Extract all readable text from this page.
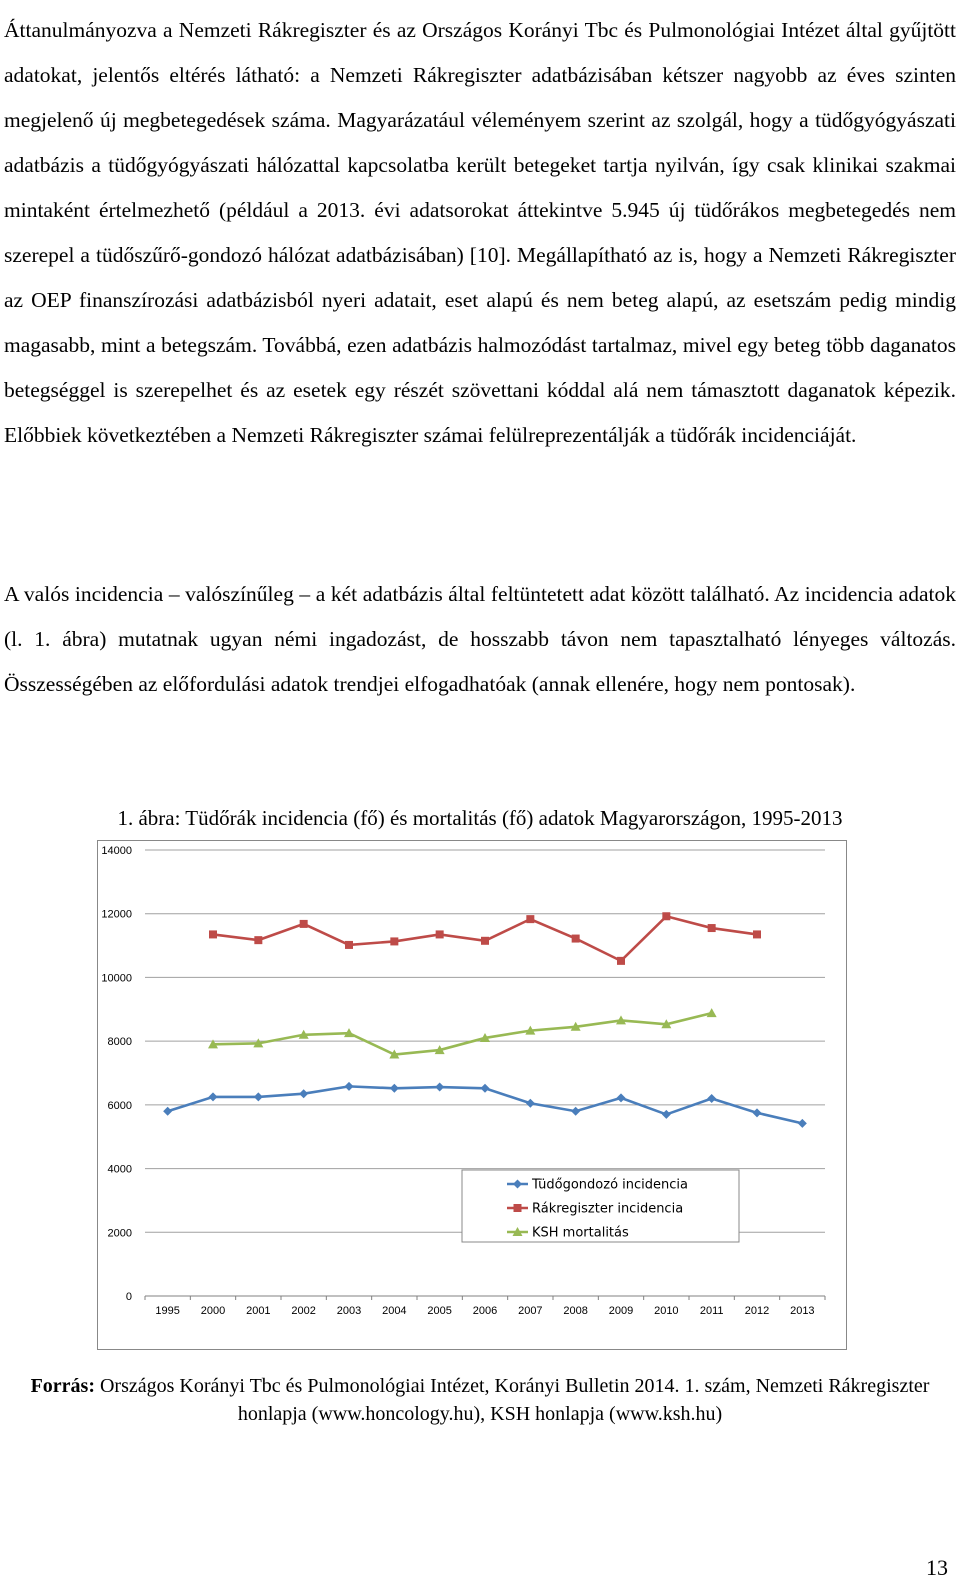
Áttanulmányozva a Nemzeti Rákregiszter és az Országos Korányi Tbc és Pulmonológiai Intézet által gyűjtött adatokat, jelentős eltérés látható: a Nemzeti Rákregiszter adatbázisában kétszer nagyobb az éves szinten megjelenő új megbetegedések száma. Magyarázatául véleményem szerint az szolgál, hogy a tüdőgyógyászati adatbázis a tüdőgyógyászati hálózattal kapcsolatba került betegeket tartja nyilván, így csak klinikai szakmai mintaként értelmezhető (például a 2013. évi adatsorokat áttekintve 5.945 új tüdőrákos megbetegedés nem szerepel a tüdőszűrő-gondozó hálózat adatbázisában) [10]. Megállapítható az is, hogy a Nemzeti Rákregiszter az OEP finanszírozási adatbázisból nyeri adatait, eset alapú és nem beteg alapú, az esetszám pedig mindig magasabb, mint a betegszám. Továbbá, ezen adatbázis halmozódást tartalmaz, mivel egy beteg több daganatos betegséggel is szerepelhet és az esetek egy részét szövettani kóddal alá nem támasztott daganatok képezik. Előbbiek következtében a Nemzeti Rákregiszter számai felülreprezentálják a tüdőrák incidenciáját.

A valós incidencia – valószínűleg – a két adatbázis által feltüntetett adat között található. Az incidencia adatok (l. 1. ábra) mutatnak ugyan némi ingadozást, de hosszabb távon nem tapasztalható lényeges változás. Összességében az előfordulási adatok trendjei elfogadhatóak (annak ellenére, hogy nem pontosak).

1. ábra: Tüdőrák incidencia (fő) és mortalitás (fő) adatok Magyarországon, 1995-2013

0
2000
4000
6000
8000
10000
12000
14000
1995 2000 2001 2002 2003 2004 2005 2006 2007 2008 2009 2010 2011 2012 2013
Tüdőgondozó incidencia
Rákregiszter incidencia
KSH mortalitás

Forrás: Országos Korányi Tbc és Pulmonológiai Intézet, Korányi Bulletin 2014. 1. szám, Nemzeti Rákregiszter honlapja (www.honcology.hu), KSH honlapja (www.ksh.hu)

13
